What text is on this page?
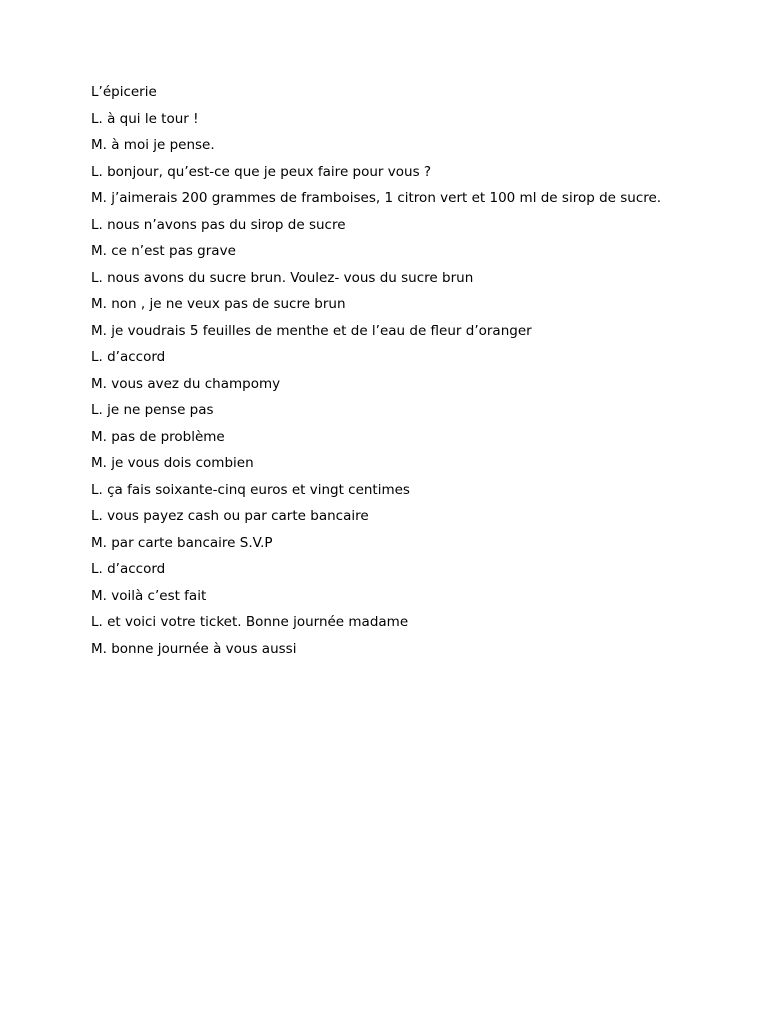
L’épicerie
L. à qui le tour !
M. à moi je pense.
L. bonjour, qu’est-ce que je peux faire pour vous ?
M. j’aimerais 200 grammes de framboises, 1 citron vert et 100 ml de sirop de sucre.
L. nous n’avons pas du sirop de sucre
M. ce n’est pas grave
L. nous avons du sucre brun. Voulez- vous du sucre brun
M. non , je ne veux pas de sucre brun
M. je voudrais 5 feuilles de menthe et de l’eau de fleur d’oranger
L. d’accord
M. vous avez du champomy
L. je ne pense pas
M. pas de problème
M. je vous dois combien
L. ça fais soixante-cinq euros et vingt centimes
L. vous payez cash ou par carte bancaire
M. par carte bancaire S.V.P
L. d’accord
M. voilà c’est fait
L. et voici votre ticket. Bonne journée madame
M. bonne journée à vous aussi
